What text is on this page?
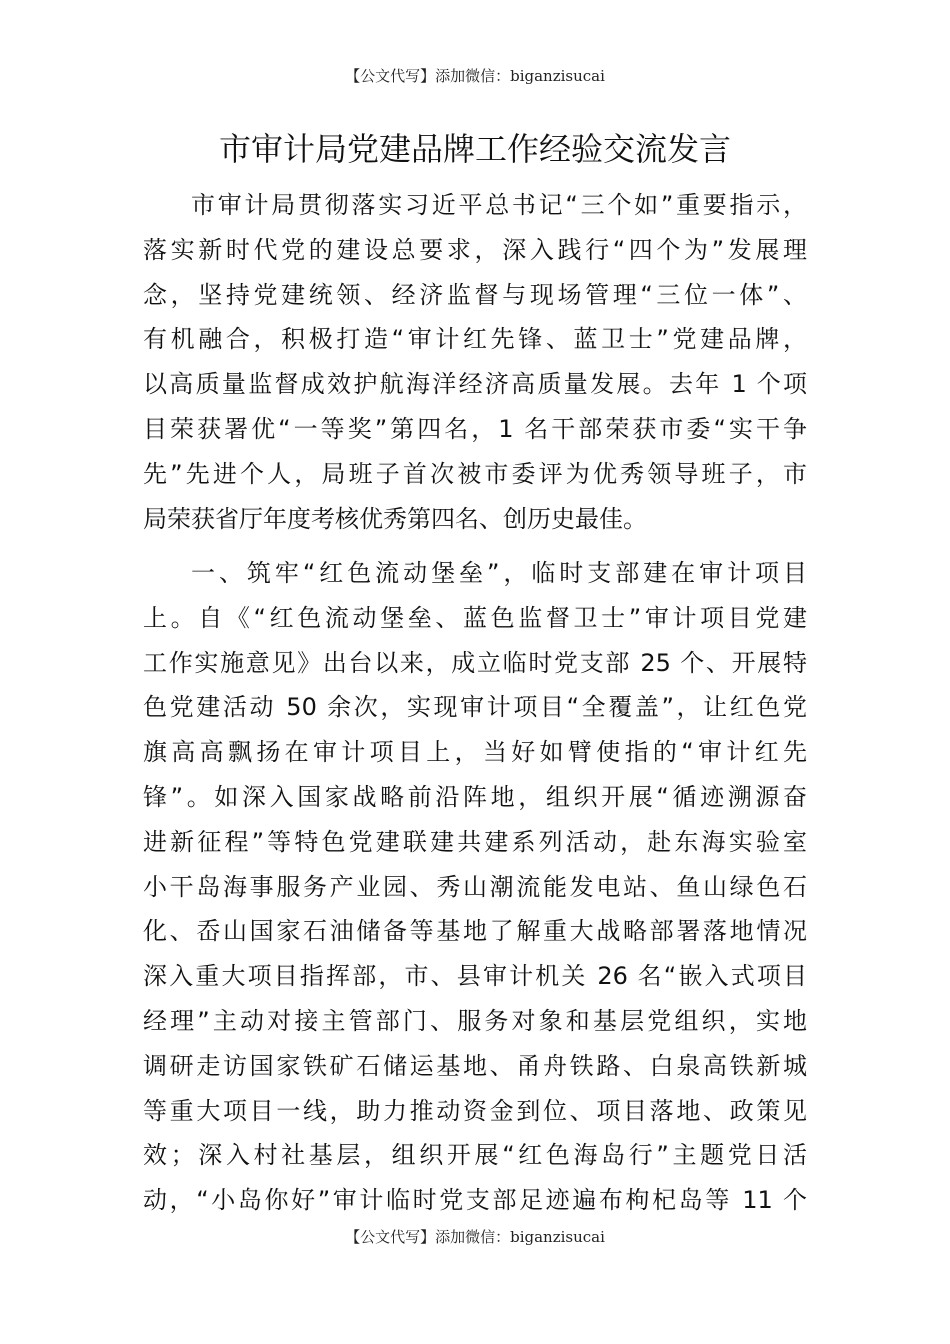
【公文代写】添加微信：biganzisucai
市审计局党建品牌工作经验交流发言
市审计局贯彻落实习近平总书记“三个如”重要指示，
落实新时代党的建设总要求，深入践行“四个为”发展理
念，坚持党建统领、经济监督与现场管理“三位一体”、
有机融合，积极打造“审计红先锋、蓝卫士”党建品牌，
以高质量监督成效护航海洋经济高质量发展。去年 1 个项
目荣获署优“一等奖”第四名，1 名干部荣获市委“实干争
先”先进个人，局班子首次被市委评为优秀领导班子，市
局荣获省厅年度考核优秀第四名、创历史最佳。
一、筑牢“红色流动堡垒”，临时支部建在审计项目
上。自《“红色流动堡垒、蓝色监督卫士”审计项目党建
工作实施意见》出台以来，成立临时党支部 25 个、开展特
色党建活动 50 余次，实现审计项目“全覆盖”，让红色党
旗高高飘扬在审计项目上，当好如臂使指的“审计红先
锋”。如深入国家战略前沿阵地，组织开展“循迹溯源奋
进新征程”等特色党建联建共建系列活动，赴东海实验室
小干岛海事服务产业园、秀山潮流能发电站、鱼山绿色石
化、岙山国家石油储备等基地了解重大战略部署落地情况
深入重大项目指挥部，市、县审计机关 26 名“嵌入式项目
经理”主动对接主管部门、服务对象和基层党组织，实地
调研走访国家铁矿石储运基地、甬舟铁路、白泉高铁新城
等重大项目一线，助力推动资金到位、项目落地、政策见
效；深入村社基层，组织开展“红色海岛行”主题党日活
动，“小岛你好”审计临时党支部足迹遍布枸杞岛等 11 个
【公文代写】添加微信：biganzisucai
